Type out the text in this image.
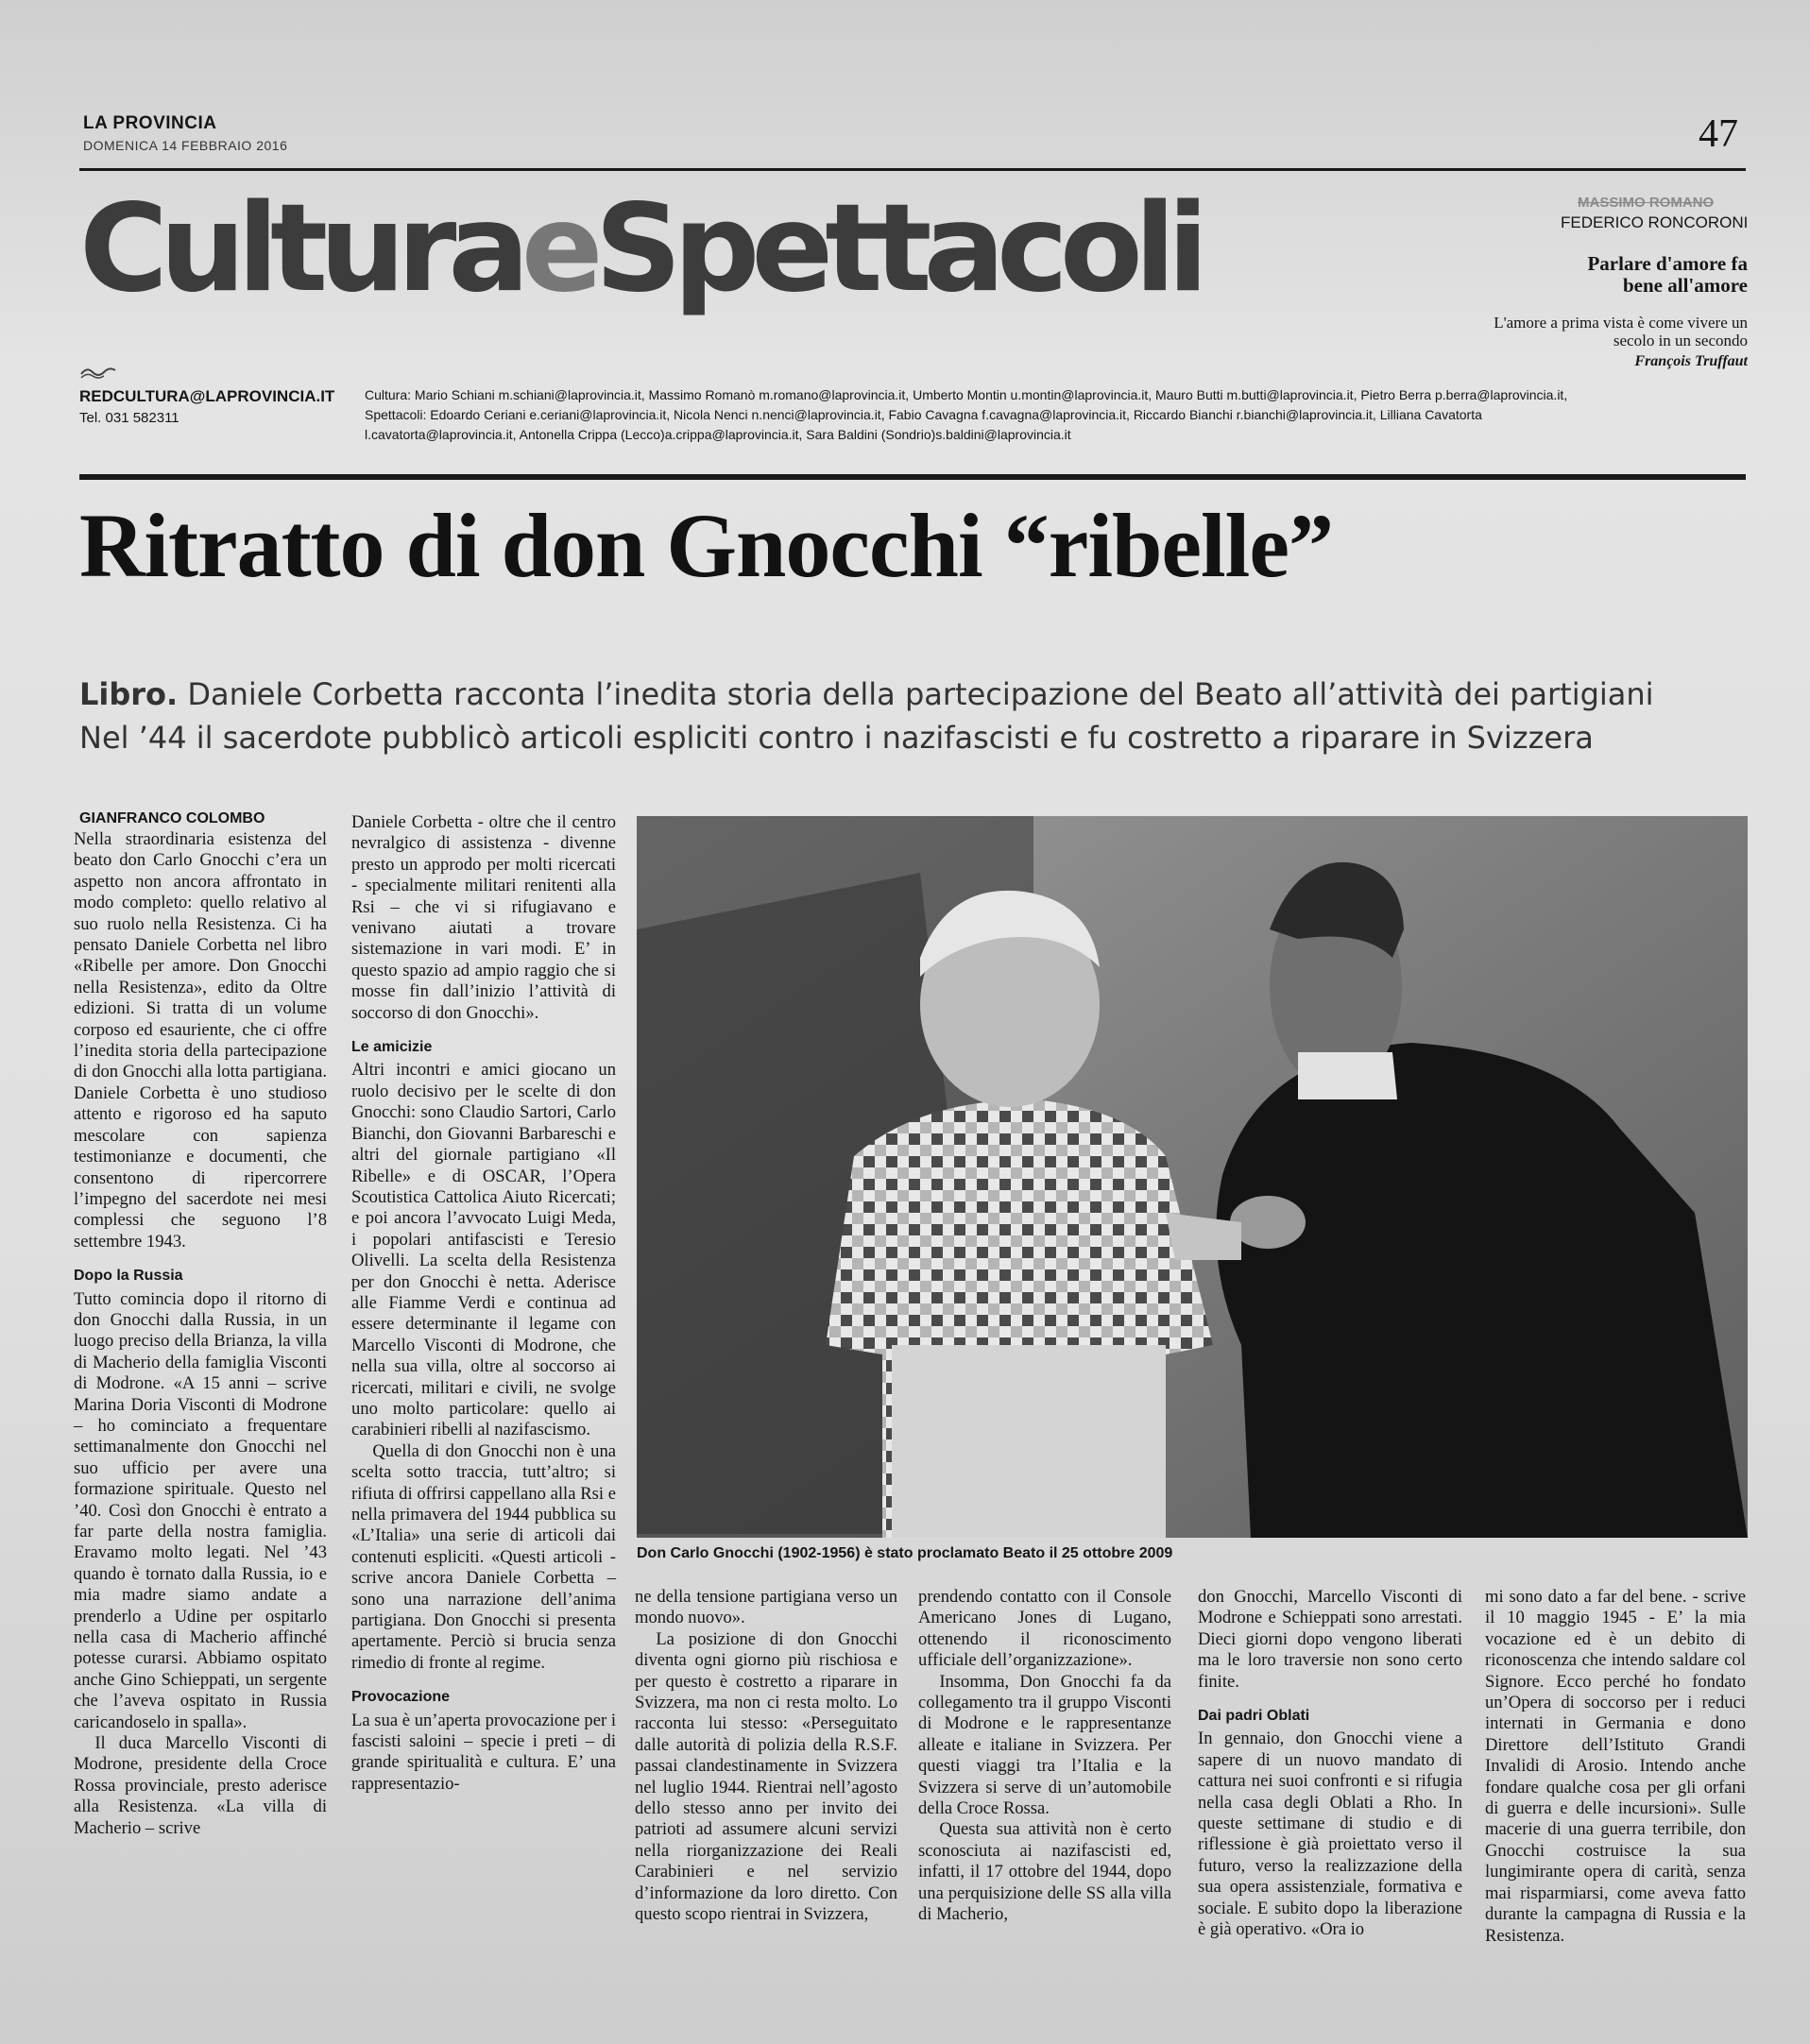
LA PROVINCIA
DOMENICA 14 FEBBRAIO 2016	47
CulturaeSpettacoli	MASSIMO ROMANO
FEDERICO RONCORONI
Parlare d'amore fa bene all'amore
L'amore a prima vista è come vivere un secolo in un secondo
François Truffaut
REDCULTURA@LAPROVINCIA.IT
Tel. 031 582311
Cultura: Mario Schiani m.schiani@laprovincia.it, Massimo Romanò m.romano@laprovincia.it, Umberto Montin u.montin@laprovincia.it, Mauro Butti m.butti@laprovincia.it, Pietro Berra p.berra@laprovincia.it,
Spettacoli: Edoardo Ceriani e.ceriani@laprovincia.it, Nicola Nenci n.nenci@laprovincia.it, Fabio Cavagna f.cavagna@laprovincia.it, Riccardo Bianchi r.bianchi@laprovincia.it, Lilliana Cavatorta
l.cavatorta@laprovincia.it, Antonella Crippa (Lecco)a.crippa@laprovincia.it, Sara Baldini (Sondrio)s.baldini@laprovincia.it
Ritratto di don Gnocchi “ribelle”
Libro. Daniele Corbetta racconta l’inedita storia della partecipazione del Beato all’attività dei partigiani
Nel ’44 il sacerdote pubblicò articoli espliciti contro i nazifascisti e fu costretto a riparare in Svizzera
GIANFRANCO COLOMBO

Nella straordinaria esistenza del beato don Carlo Gnocchi c’era un aspetto non ancora affrontato in modo completo: quello relativo al suo ruolo nella Resistenza. Ci ha pensato Daniele Corbetta nel libro «Ribelle per amore. Don Gnocchi nella Resistenza», edito da Oltre edizioni. Si tratta di un volume corposo ed esauriente, che ci offre l’inedita storia della partecipazione di don Gnocchi alla lotta partigiana. Daniele Corbetta è uno studioso attento e rigoroso ed ha saputo mescolare con sapienza testimonianze e documenti, che consentono di ripercorrere l’impegno del sacerdote nei mesi complessi che seguono l’8 settembre 1943.

Dopo la Russia

Tutto comincia dopo il ritorno di don Gnocchi dalla Russia, in un luogo preciso della Brianza, la villa di Macherio della famiglia Visconti di Modrone. «A 15 anni – scrive Marina Doria Visconti di Modrone – ho cominciato a frequentare settimanalmente don Gnocchi nel suo ufficio per avere una formazione spirituale. Questo nel ’40. Così don Gnocchi è entrato a far parte della nostra famiglia. Eravamo molto legati. Nel ’43 quando è tornato dalla Russia, io e mia madre siamo andate a prenderlo a Udine per ospitarlo nella casa di Macherio affinché potesse curarsi. Abbiamo ospitato anche Gino Schieppati, un sergente che l’aveva ospitato in Russia caricandoselo in spalla».

Il duca Marcello Visconti di Modrone, presidente della Croce Rossa provinciale, presto aderisce alla Resistenza. «La villa di Macherio – scrive

Daniele Corbetta - oltre che il centro nevralgico di assistenza - divenne presto un approdo per molti ricercati - specialmente militari renitenti alla Rsi – che vi si rifugiavano e venivano aiutati a trovare sistemazione in vari modi. E’ in questo spazio ad ampio raggio che si mosse fin dall’inizio l’attività di soccorso di don Gnocchi».

Le amicizie

Altri incontri e amici giocano un ruolo decisivo per le scelte di don Gnocchi: sono Claudio Sartori, Carlo Bianchi, don Giovanni Barbareschi e altri del giornale partigiano «Il Ribelle» e di OSCAR, l’Opera Scoutistica Cattolica Aiuto Ricercati; e poi ancora l’avvocato Luigi Meda, i popolari antifascisti e Teresio Olivelli. La scelta della Resistenza per don Gnocchi è netta. Aderisce alle Fiamme Verdi e continua ad essere determinante il legame con Marcello Visconti di Modrone, che nella sua villa, oltre al soccorso ai ricercati, militari e civili, ne svolge uno molto particolare: quello ai carabinieri ribelli al nazifascismo.

Quella di don Gnocchi non è una scelta sotto traccia, tutt’altro; si rifiuta di offrirsi cappellano alla Rsi e nella primavera del 1944 pubblica su «L’Italia» una serie di articoli dai contenuti espliciti. «Questi articoli - scrive ancora Daniele Corbetta – sono una narrazione dell’anima partigiana. Don Gnocchi si presenta apertamente. Perciò si brucia senza rimedio di fronte al regime.

Provocazione

La sua è un’aperta provocazione per i fascisti saloini – specie i preti – di grande spiritualità e cultura. E’ una rappresentazio-

Don Carlo Gnocchi (1902-1956) è stato proclamato Beato il 25 ottobre 2009

ne della tensione partigiana verso un mondo nuovo».

La posizione di don Gnocchi diventa ogni giorno più rischiosa e per questo è costretto a riparare in Svizzera, ma non ci resta molto. Lo racconta lui stesso: «Perseguitato dalle autorità di polizia della R.S.F. passai clandestinamente in Svizzera nel luglio 1944. Rientrai nell’agosto dello stesso anno per invito dei patrioti ad assumere alcuni servizi nella riorganizzazione dei Reali Carabinieri e nel servizio d’informazione da loro diretto. Con questo scopo rientrai in Svizzera,

prendendo contatto con il Console Americano Jones di Lugano, ottenendo il riconoscimento ufficiale dell’organizzazione».

Insomma, Don Gnocchi fa da collegamento tra il gruppo Visconti di Modrone e le rappresentanze alleate e italiane in Svizzera. Per questi viaggi tra l’Italia e la Svizzera si serve di un’automobile della Croce Rossa.

Questa sua attività non è certo sconosciuta ai nazifascisti ed, infatti, il 17 ottobre del 1944, dopo una perquisizione delle SS alla villa di Macherio,

don Gnocchi, Marcello Visconti di Modrone e Schieppati sono arrestati. Dieci giorni dopo vengono liberati ma le loro traversie non sono certo finite.

Dai padri Oblati

In gennaio, don Gnocchi viene a sapere di un nuovo mandato di cattura nei suoi confronti e si rifugia nella casa degli Oblati a Rho. In queste settimane di studio e di riflessione è già proiettato verso il futuro, verso la realizzazione della sua opera assistenziale, formativa e sociale. E subito dopo la liberazione è già operativo. «Ora io

mi sono dato a far del bene. - scrive il 10 maggio 1945 - E’ la mia vocazione ed è un debito di riconoscenza che intendo saldare col Signore. Ecco perché ho fondato un’Opera di soccorso per i reduci internati in Germania e dono Direttore dell’Istituto Grandi Invalidi di Arosio. Intendo anche fondare qualche cosa per gli orfani di guerra e delle incursioni». Sulle macerie di una guerra terribile, don Gnocchi costruisce la sua lungimirante opera di carità, senza mai risparmiarsi, come aveva fatto durante la campagna di Russia e la Resistenza.
